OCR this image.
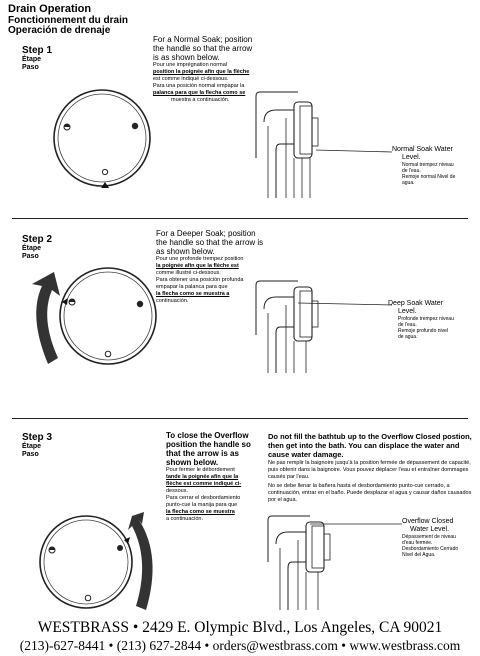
Drain Operation
Fonctionnement du drain
Operación de drenaje
Step 1
Étape
Paso
For a Normal Soak; position the handle so that the arrow is as shown below.
Pour une imprégnation normal
position la poignée afin que la flèche
est comme indiqué ci-dessous.
Para una posición normal empapar la
palanca para que la flecha como se
muestra a continuación.
Normal Soak Water
Level.
Normal trempez niveau
de l'eau.
Remoje normal Nivel de
agua.
Step 2
Étape
Paso
For a Deeper Soak; position the handle so that the arrow is as shown below.
Pour une profonde trempez position
la poignée afin que la flèche est
comme illustré ci-dessous.
Para obtener una posición profunda
empapar la palanca para que
la flecha como se muestra a
continuación.	Deep Soak Water
Level.
Profonde trempez niveau
de l'eau.
Remoje profundo nivel
de agua.
Step 3
Étape
Paso
To close the Overflow position the handle so that the arrow is as shown below.
Pour fermer le débordement
tande la poignée afin que la
flèche est comme indiqué ci-
dessous.
Para cerrar el desbordamiento
punto-cue la manija para que
la flecha como se muestra
a continuación.
Do not fill the bathtub up to the Overflow Closed postion, then get into the bath. You can displace the water and cause water damage.
Ne pas remplir la baignoire jusqu'à la position fermée de dépassement de capacité, puis obtenir dans la baignoire. Vous pouvez déplacer l'eau et entraîner dommages causés par l'eau.
No se debe llenar la bañera hasta el desbordamiento punto-cue cerrado, a continuación, entrar en el baño. Puede desplazar el agua y causar daños causados por el agua.
Overflow Closed
Water Level.
Dépassement de niveau
d'eau fermée.
Desbordamiento Cerrado
Nivel del Agua.
WESTBRASS • 2429 E. Olympic Blvd., Los Angeles, CA 90021
(213)-627-8441 • (213) 627-2844 • orders@westbrass.com • www.westbrass.com
